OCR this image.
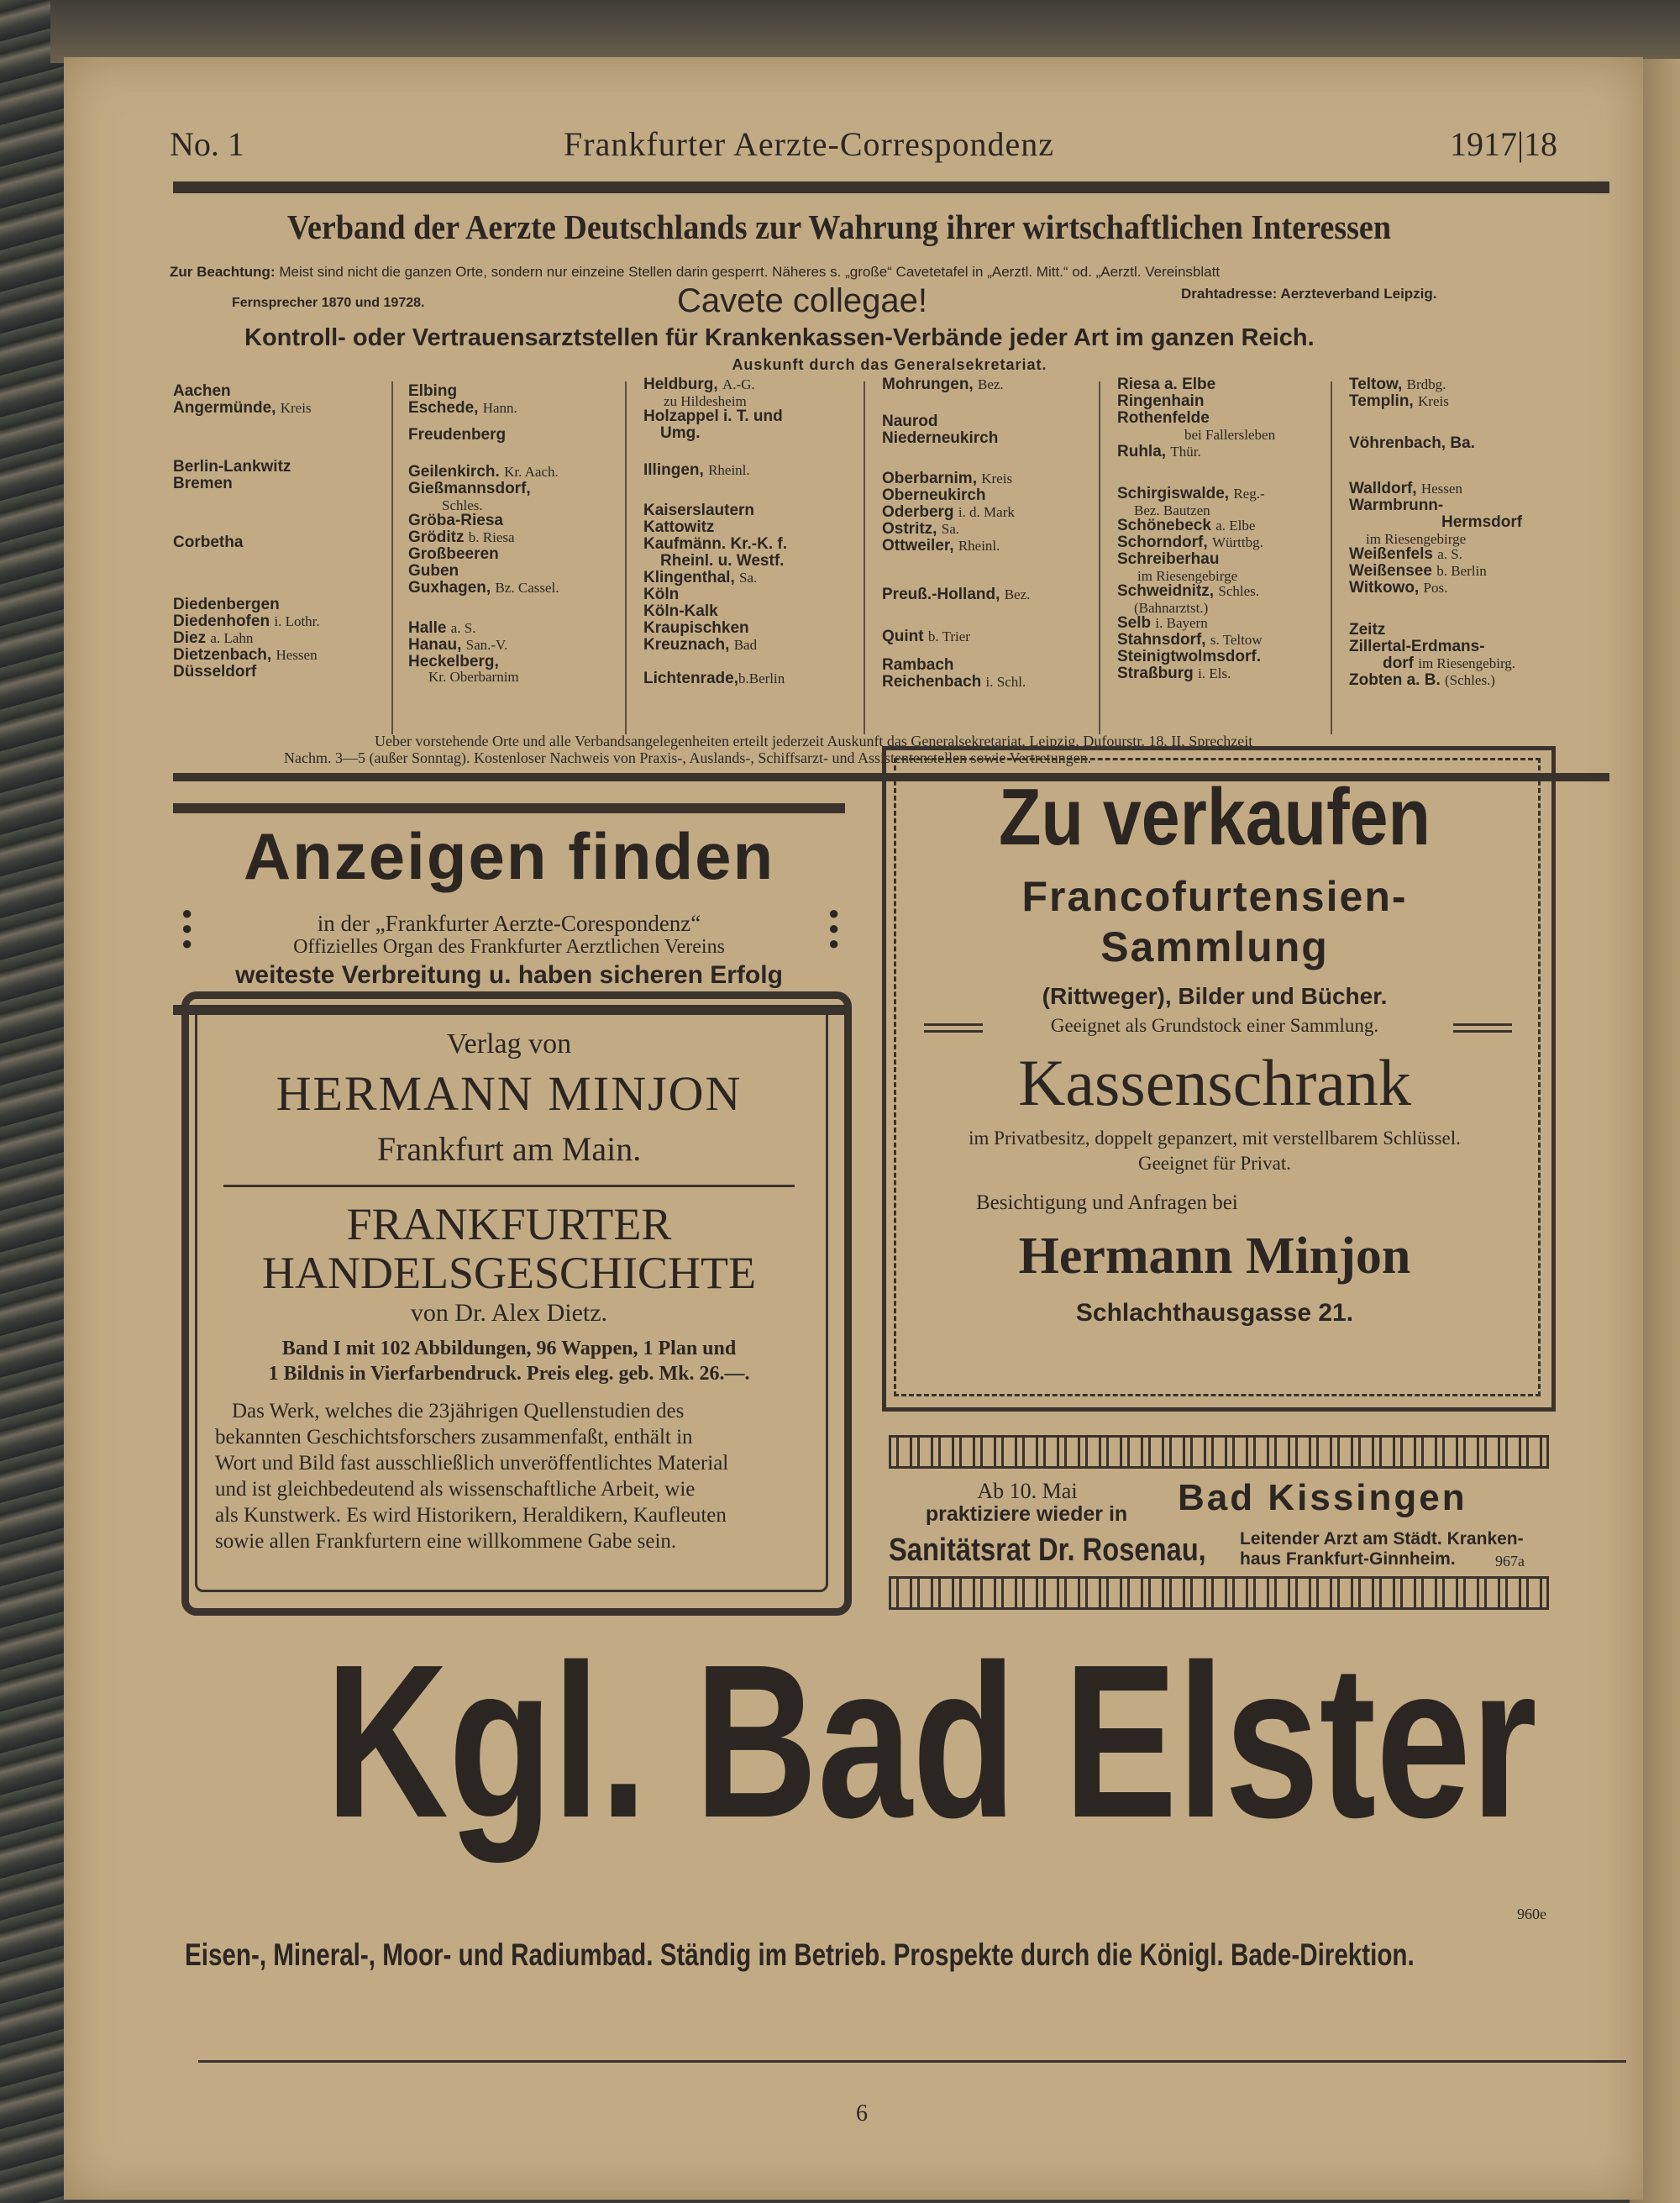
No. 1	Frankfurter Aerzte-Correspondenz	1917|18
Verband der Aerzte Deutschlands zur Wahrung ihrer wirtschaftlichen Interessen
Zur Beachtung: Meist sind nicht die ganzen Orte, sondern nur einzeine Stellen darin gesperrt. Näheres s. „große“ Cavetetafel in „Aerztl. Mitt.“ od. „Aerztl. Vereinsblatt
Fernsprecher 1870 und 19728.	Cavete collegae!	Drahtadresse: Aerzteverband Leipzig.
Kontroll- oder Vertrauensarztstellen für Krankenkassen-Verbände jeder Art im ganzen Reich.
Auskunft durch das Generalsekretariat.
Aachen
Angermünde, Kreis
Berlin-Lankwitz
Bremen
Corbetha
Diedenbergen
Diedenhofen i. Lothr.
Diez a. Lahn
Dietzenbach, Hessen
Düsseldorf
Elbing
Eschede, Hann.
Freudenberg
Geilenkirch. Kr. Aach.
Gießmannsdorf,
Schles.
Gröba-Riesa
Gröditz b. Riesa
Großbeeren
Guben
Guxhagen, Bz. Cassel.
Halle a. S.
Hanau, San.-V.
Heckelberg,
Kr. Oberbarnim
Heldburg, A.-G.
zu Hildesheim
Holzappel i. T. und
Umg.
Illingen, Rheinl.
Kaiserslautern
Kattowitz
Kaufmänn. Kr.-K. f.
Rheinl. u. Westf.
Klingenthal, Sa.
Köln
Köln-Kalk
Kraupischken
Kreuznach, Bad
Lichtenrade,b.Berlin
Mohrungen, Bez.
Naurod
Niederneukirch
Oberbarnim, Kreis
Oberneukirch
Oderberg i. d. Mark
Ostritz, Sa.
Ottweiler, Rheinl.
Preuß.-Holland, Bez.
Quint b. Trier
Rambach
Reichenbach i. Schl.
Riesa a. Elbe
Ringenhain
Rothenfelde
bei Fallersleben
Ruhla, Thür.
Schirgiswalde, Reg.-
Bez. Bautzen
Schönebeck a. Elbe
Schorndorf, Württbg.
Schreiberhau
im Riesengebirge
Schweidnitz, Schles.
(Bahnarztst.)
Selb i. Bayern
Stahnsdorf, s. Teltow
Steinigtwolmsdorf.
Straßburg i. Els.
Teltow, Brdbg.
Templin, Kreis
Vöhrenbach, Ba.
Walldorf, Hessen
Warmbrunn-
Hermsdorf
im Riesengebirge
Weißenfels a. S.
Weißensee b. Berlin
Witkowo, Pos.
Zeitz
Zillertal-Erdmans-
dorf im Riesengebirg.
Zobten a. B. (Schles.)
Ueber vorstehende Orte und alle Verbandsangelegenheiten erteilt jederzeit Auskunft das Generalsekretariat, Leipzig, Dufourstr. 18, II, Sprechzeit
Nachm. 3—5 (außer Sonntag). Kostenloser Nachweis von Praxis-, Auslands-, Schiffsarzt- und Assistentenstellen sowie Vertretungen.
Anzeigen finden
in der „Frankfurter Aerzte-Corespondenz“
Offizielles Organ des Frankfurter Aerztlichen Vereins
weiteste Verbreitung u. haben sicheren Erfolg
●
●
●
●
●
●
Verlag von
HERMANN MINJON
Frankfurt am Main.
FRANKFURTER
HANDELSGESCHICHTE
von Dr. Alex Dietz.
Band I mit 102 Abbildungen, 96 Wappen, 1 Plan und
1 Bildnis in Vierfarbendruck. Preis eleg. geb. Mk. 26.—.
Das Werk, welches die 23jährigen Quellenstudien des
bekannten Geschichtsforschers zusammenfaßt, enthält in
Wort und Bild fast ausschließlich unveröffentlichtes Material
und ist gleichbedeutend als wissenschaftliche Arbeit, wie
als Kunstwerk. Es wird Historikern, Heraldikern, Kaufleuten
sowie allen Frankfurtern eine willkommene Gabe sein.
Zu verkaufen
Francofurtensien-
Sammlung
(Rittweger), Bilder und Bücher.
Geeignet als Grundstock einer Sammlung.
Kassenschrank
im Privatbesitz, doppelt gepanzert, mit verstellbarem Schlüssel.
Geeignet für Privat.
Besichtigung und Anfragen bei
Hermann Minjon
Schlachthausgasse 21.
Ab 10. Mai
praktiziere wieder in
Sanitätsrat Dr. Rosenau,
Bad Kissingen
Leitender Arzt am Städt. Kranken-
haus Frankfurt-Ginnheim.	967a
Kgl. Bad Elster
960e
Eisen-, Mineral-, Moor- und Radiumbad. Ständig im Betrieb. Prospekte durch die Königl. Bade-Direktion.
6
